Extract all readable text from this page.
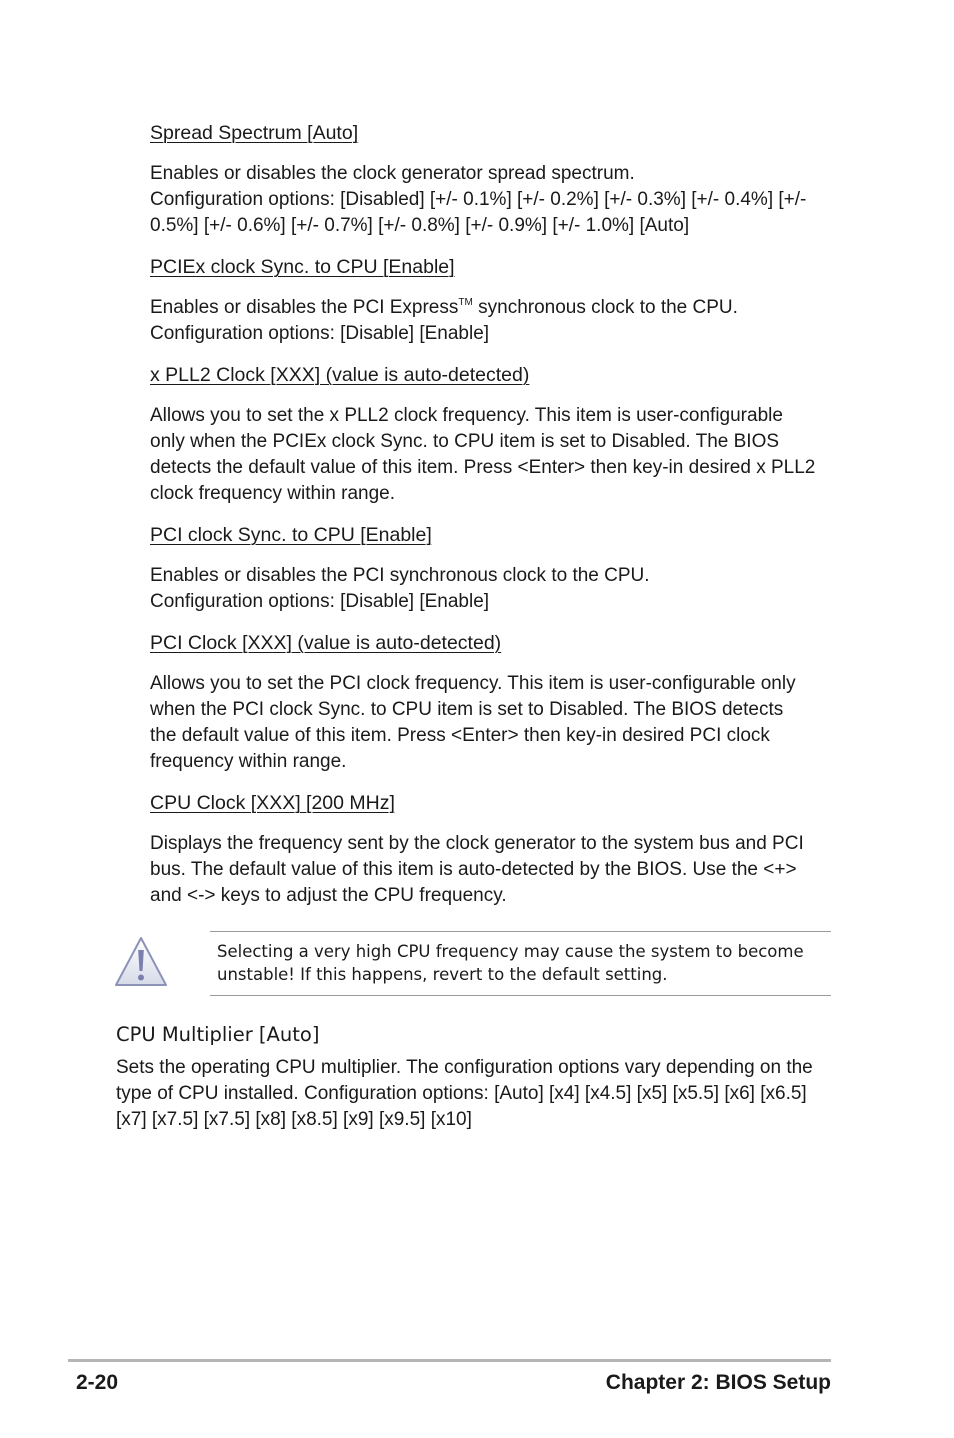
Spread Spectrum [Auto]

Enables or disables the clock generator spread spectrum.
Configuration options: [Disabled] [+/- 0.1%] [+/- 0.2%] [+/- 0.3%] [+/- 0.4%] [+/-
0.5%] [+/- 0.6%] [+/- 0.7%] [+/- 0.8%] [+/- 0.9%] [+/- 1.0%] [Auto]

PCIEx clock Sync. to CPU [Enable]

Enables or disables the PCI Express™ synchronous clock to the CPU.
Configuration options: [Disable] [Enable]

x PLL2 Clock [XXX] (value is auto-detected)

Allows you to set the x PLL2 clock frequency. This item is user-configurable
only when the PCIEx clock Sync. to CPU item is set to Disabled. The BIOS
detects the default value of this item. Press <Enter> then key-in desired x PLL2
clock frequency within range.

PCI clock Sync. to CPU [Enable]

Enables or disables the PCI synchronous clock to the CPU.
Configuration options: [Disable] [Enable]

PCI Clock [XXX] (value is auto-detected)

Allows you to set the PCI clock frequency. This item is user-configurable only
when the PCI clock Sync. to CPU item is set to Disabled. The BIOS detects
the default value of this item. Press <Enter> then key-in desired PCI clock
frequency within range.

CPU Clock [XXX] [200 MHz]

Displays the frequency sent by the clock generator to the system bus and PCI
bus. The default value of this item is auto-detected by the BIOS. Use the <+>
and <-> keys to adjust the CPU frequency.

Selecting a very high CPU frequency may cause the system to become
unstable! If this happens, revert to the default setting.

CPU Multiplier [Auto]

Sets the operating CPU multiplier. The configuration options vary depending on the
type of CPU installed. Configuration options: [Auto] [x4] [x4.5] [x5] [x5.5] [x6] [x6.5]
[x7] [x7.5] [x7.5] [x8] [x8.5] [x9] [x9.5] [x10]

2-20	Chapter 2: BIOS Setup
